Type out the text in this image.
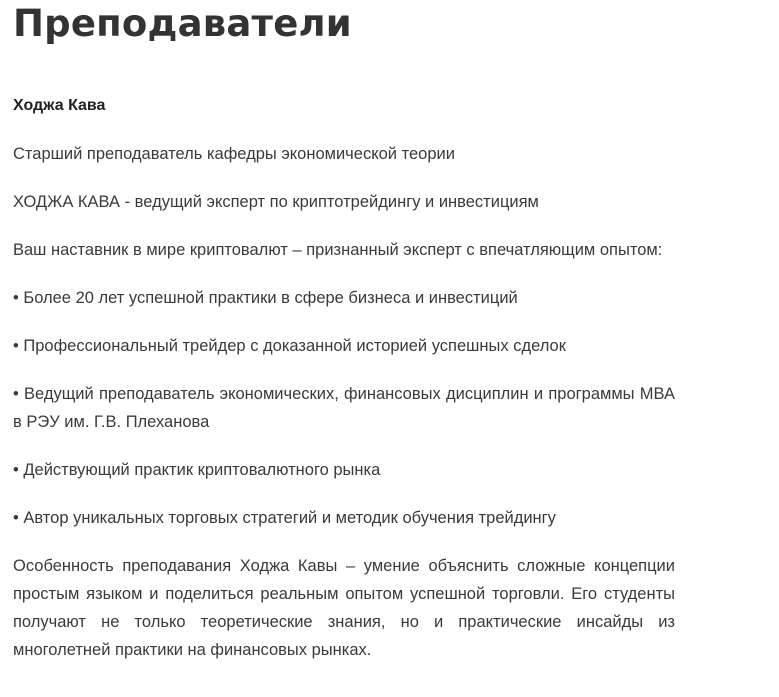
Преподаватели

Ходжа Кава

Старший преподаватель кафедры экономической теории

ХОДЖА КАВА - ведущий эксперт по криптотрейдингу и инвестициям

Ваш наставник в мире криптовалют – признанный эксперт с впечатляющим опытом:

• Более 20 лет успешной практики в сфере бизнеса и инвестиций

• Профессиональный трейдер с доказанной историей успешных сделок

• Ведущий преподаватель экономических, финансовых дисциплин и программы МВА в РЭУ им. Г.В. Плеханова

• Действующий практик криптовалютного рынка

• Автор уникальных торговых стратегий и методик обучения трейдингу

Особенность преподавания Ходжа Кавы – умение объяснить сложные концепции простым языком и поделиться реальным опытом успешной торговли. Его студенты получают не только теоретические знания, но и практические инсайды из многолетней практики на финансовых рынках.
